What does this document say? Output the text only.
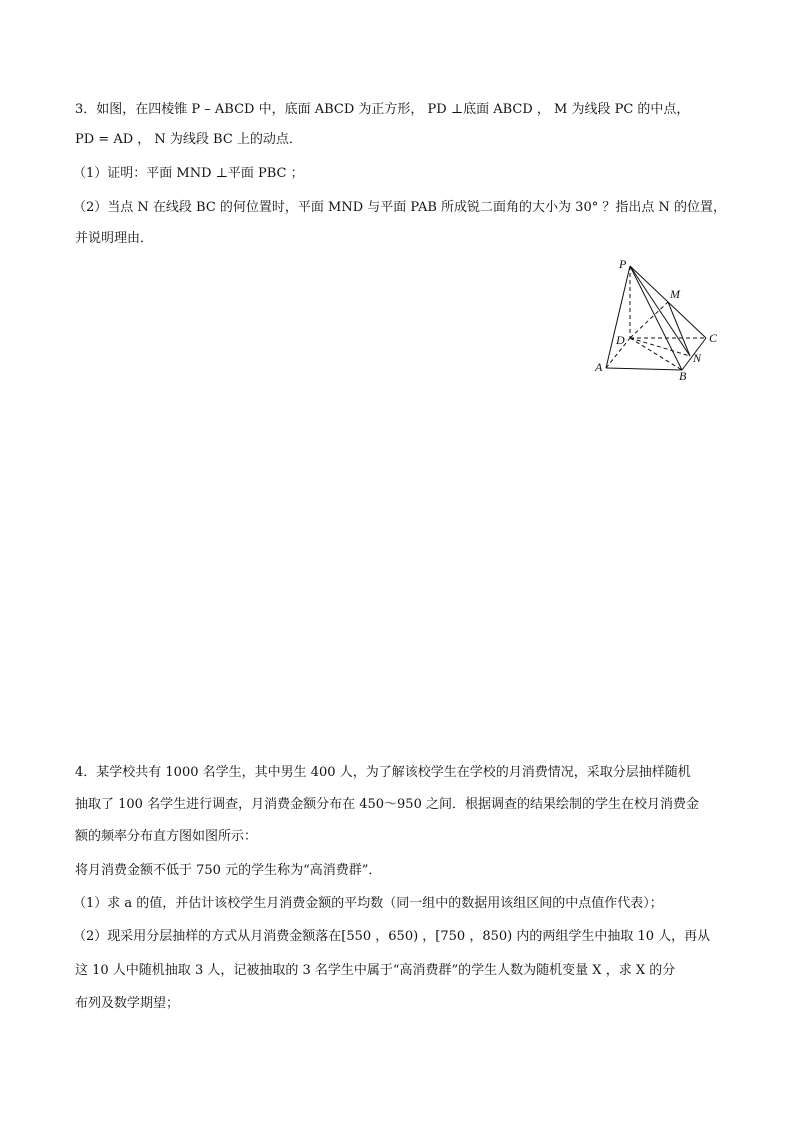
3．如图，在四棱锥 P – ABCD 中，底面 ABCD 为正方形， PD ⊥底面 ABCD ， M 为线段 PC 的中点，
PD = AD ， N 为线段 BC 上的动点．
（1）证明：平面 MND ⊥平面 PBC ；
（2）当点 N 在线段 BC 的何位置时，平面 MND 与平面 PAB 所成锐二面角的大小为 30° ？指出点 N 的位置，
并说明理由．
P
M
D	C
N
A
B
4．某学校共有 1000 名学生，其中男生 400 人，为了解该校学生在学校的月消费情况，采取分层抽样随机
抽取了 100 名学生进行调查，月消费金额分布在 450～950 之间．根据调查的结果绘制的学生在校月消费金
额的频率分布直方图如图所示：
将月消费金额不低于 750 元的学生称为“高消费群”．
（1）求 a 的值，并估计该校学生月消费金额的平均数（同一组中的数据用该组区间的中点值作代表）；
（2）现采用分层抽样的方式从月消费金额落在[550 ，650) ，[750 ，850) 内的两组学生中抽取 10 人，再从
这 10 人中随机抽取 3 人，记被抽取的 3 名学生中属于“高消费群”的学生人数为随机变量 X ，求 X 的分
布列及数学期望；
